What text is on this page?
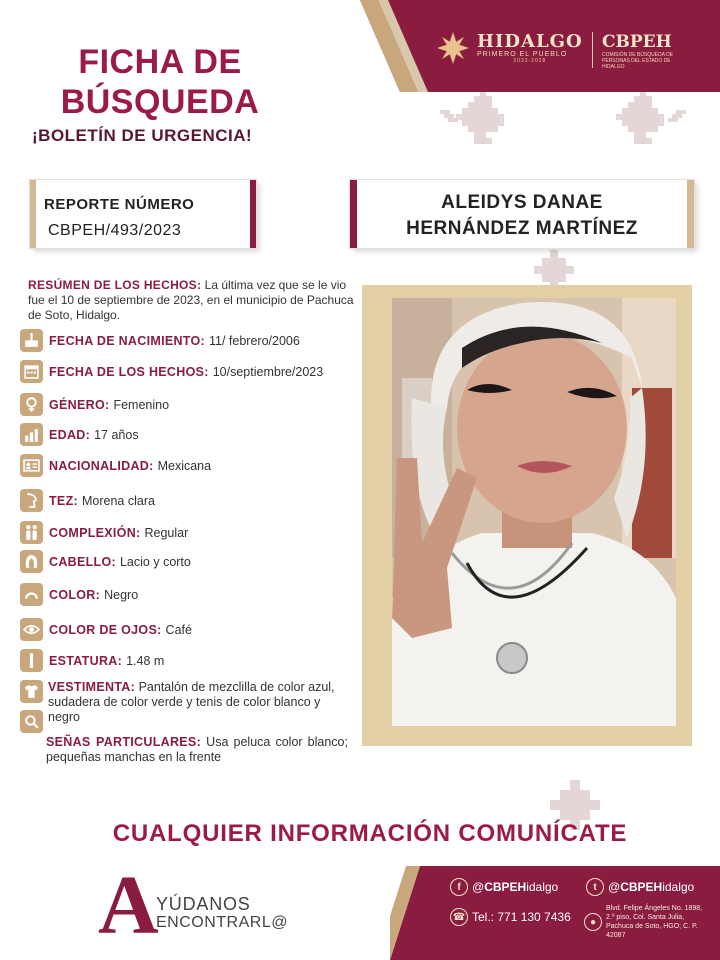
HIDALGO
PRIMERO EL PUEBLO
2022-2028
CBPEH
COMISIÓN DE BÚSQUEDA DE PERSONAS DEL ESTADO DE HIDALGO
FICHA DE
BÚSQUEDA
¡BOLETÍN DE URGENCIA!
REPORTE NÚMERO
CBPEH/493/2023
ALEIDYS DANAE
HERNÁNDEZ MARTÍNEZ
RESÚMEN DE LOS HECHOS: La última vez que se le vio fue el 10 de septiembre de 2023, en el municipio de Pachuca de Soto, Hidalgo.
FECHA DE NACIMIENTO: 11/ febrero/2006
FECHA DE LOS HECHOS: 10/septiembre/2023
GÉNERO: Femenino
EDAD: 17 años
NACIONALIDAD: Mexicana
TEZ: Morena clara
COMPLEXIÓN: Regular
CABELLO: Lacio y corto
COLOR: Negro
COLOR DE OJOS: Café
ESTATURA: 1.48 m
VESTIMENTA: Pantalón de mezclilla de color azul, sudadera de color verde y tenis de color blanco y negro
SEÑAS PARTICULARES: Usa peluca color blanco; pequeñas manchas en la frente
CUALQUIER INFORMACIÓN COMUNÍCATE
A
YÚDANOS
ENCONTRARL@
f @ CBPEH idalgo	t @ CBPEH idalgo
☎ Tel.: 771 130 7436	●
Blvd. Felipe Ángeles No. 1898, 2.º piso, Col. Santa Julia, Pachuca de Soto, HGO; C. P. 42087
